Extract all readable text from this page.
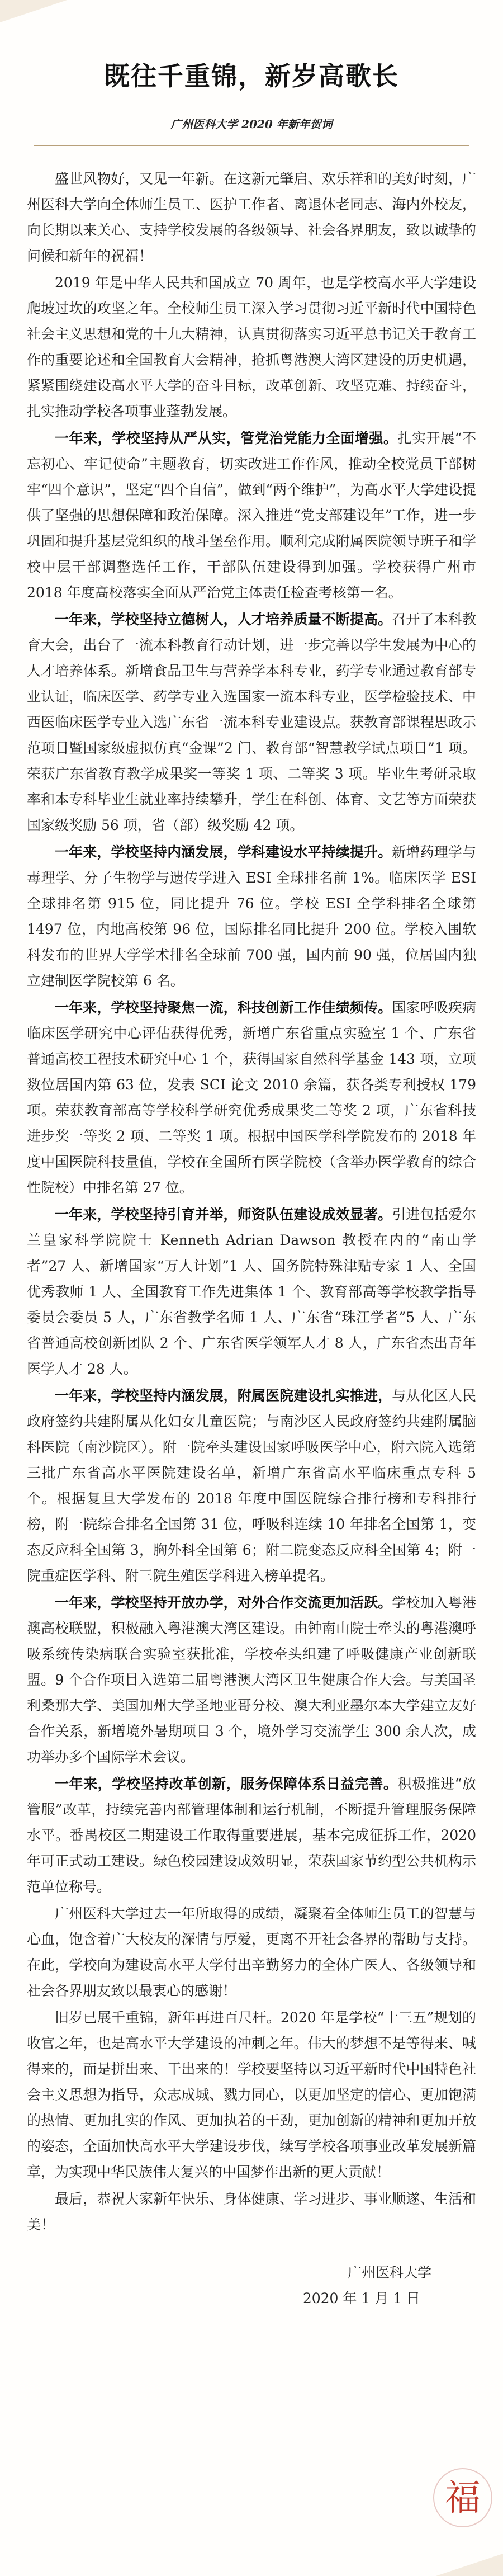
既往千重锦，新岁高歌长
广州医科大学 2020 年新年贺词

盛世风物好，又见一年新。在这新元肇启、欢乐祥和的美好时刻，广州医科大学向全体师生员工、医护工作者、离退休老同志、海内外校友，向长期以来关心、支持学校发展的各级领导、社会各界朋友，致以诚挚的问候和新年的祝福！

2019 年是中华人民共和国成立 70 周年，也是学校高水平大学建设爬坡过坎的攻坚之年。全校师生员工深入学习贯彻习近平新时代中国特色社会主义思想和党的十九大精神，认真贯彻落实习近平总书记关于教育工作的重要论述和全国教育大会精神，抢抓粤港澳大湾区建设的历史机遇，紧紧围绕建设高水平大学的奋斗目标，改革创新、攻坚克难、持续奋斗，扎实推动学校各项事业蓬勃发展。

一年来，学校坚持从严从实，管党治党能力全面增强。扎实开展“不忘初心、牢记使命”主题教育，切实改进工作作风，推动全校党员干部树牢“四个意识”，坚定“四个自信”，做到“两个维护”，为高水平大学建设提供了坚强的思想保障和政治保障。深入推进“党支部建设年”工作，进一步巩固和提升基层党组织的战斗堡垒作用。顺利完成附属医院领导班子和学校中层干部调整选任工作，干部队伍建设得到加强。学校获得广州市 2018 年度高校落实全面从严治党主体责任检查考核第一名。

一年来，学校坚持立德树人，人才培养质量不断提高。召开了本科教育大会，出台了一流本科教育行动计划，进一步完善以学生发展为中心的人才培养体系。新增食品卫生与营养学本科专业，药学专业通过教育部专业认证，临床医学、药学专业入选国家一流本科专业，医学检验技术、中西医临床医学专业入选广东省一流本科专业建设点。获教育部课程思政示范项目暨国家级虚拟仿真“金课”2 门、教育部“智慧教学试点项目”1 项。荣获广东省教育教学成果奖一等奖 1 项、二等奖 3 项。毕业生考研录取率和本专科毕业生就业率持续攀升，学生在科创、体育、文艺等方面荣获国家级奖励 56 项，省（部）级奖励 42 项。

一年来，学校坚持内涵发展，学科建设水平持续提升。新增药理学与毒理学、分子生物学与遗传学进入 ESI 全球排名前 1%。临床医学 ESI 全球排名第 915 位，同比提升 76 位。学校 ESI 全学科排名全球第 1497 位，内地高校第 96 位，国际排名同比提升 200 位。学校入围软科发布的世界大学学术排名全球前 700 强，国内前 90 强，位居国内独立建制医学院校第 6 名。

一年来，学校坚持聚焦一流，科技创新工作佳绩频传。国家呼吸疾病临床医学研究中心评估获得优秀，新增广东省重点实验室 1 个、广东省普通高校工程技术研究中心 1 个，获得国家自然科学基金 143 项，立项数位居国内第 63 位，发表 SCI 论文 2010 余篇，获各类专利授权 179 项。荣获教育部高等学校科学研究优秀成果奖二等奖 2 项，广东省科技进步奖一等奖 2 项、二等奖 1 项。根据中国医学科学院发布的 2018 年度中国医院科技量值，学校在全国所有医学院校（含举办医学教育的综合性院校）中排名第 27 位。

一年来，学校坚持引育并举，师资队伍建设成效显著。引进包括爱尔兰皇家科学院院士 Kenneth Adrian Dawson 教授在内的“南山学者”27 人、新增国家“万人计划”1 人、国务院特殊津贴专家 1 人、全国优秀教师 1 人、全国教育工作先进集体 1 个、教育部高等学校教学指导委员会委员 5 人，广东省教学名师 1 人、广东省“珠江学者”5 人、广东省普通高校创新团队 2 个、广东省医学领军人才 8 人，广东省杰出青年医学人才 28 人。

一年来，学校坚持内涵发展，附属医院建设扎实推进，与从化区人民政府签约共建附属从化妇女儿童医院；与南沙区人民政府签约共建附属脑科医院（南沙院区）。附一院牵头建设国家呼吸医学中心，附六院入选第三批广东省高水平医院建设名单，新增广东省高水平临床重点专科 5 个。根据复旦大学发布的 2018 年度中国医院综合排行榜和专科排行榜，附一院综合排名全国第 31 位，呼吸科连续 10 年排名全国第 1，变态反应科全国第 3，胸外科全国第 6；附二院变态反应科全国第 4；附一院重症医学科、附三院生殖医学科进入榜单提名。

一年来，学校坚持开放办学，对外合作交流更加活跃。学校加入粤港澳高校联盟，积极融入粤港澳大湾区建设。由钟南山院士牵头的粤港澳呼吸系统传染病联合实验室获批准，学校牵头组建了呼吸健康产业创新联盟。9 个合作项目入选第二届粤港澳大湾区卫生健康合作大会。与美国圣利桑那大学、美国加州大学圣地亚哥分校、澳大利亚墨尔本大学建立友好合作关系，新增境外暑期项目 3 个，境外学习交流学生 300 余人次，成功举办多个国际学术会议。

一年来，学校坚持改革创新，服务保障体系日益完善。积极推进“放管服”改革，持续完善内部管理体制和运行机制，不断提升管理服务保障水平。番禺校区二期建设工作取得重要进展，基本完成征拆工作，2020 年可正式动工建设。绿色校园建设成效明显，荣获国家节约型公共机构示范单位称号。

广州医科大学过去一年所取得的成绩，凝聚着全体师生员工的智慧与心血，饱含着广大校友的深情与厚爱，更离不开社会各界的帮助与支持。在此，学校向为建设高水平大学付出辛勤努力的全体广医人、各级领导和社会各界朋友致以最衷心的感谢！

旧岁已展千重锦，新年再进百尺杆。2020 年是学校“十三五”规划的收官之年，也是高水平大学建设的冲刺之年。伟大的梦想不是等得来、喊得来的，而是拼出来、干出来的！学校要坚持以习近平新时代中国特色社会主义思想为指导，众志成城、戮力同心，以更加坚定的信心、更加饱满的热情、更加扎实的作风、更加执着的干劲，更加创新的精神和更加开放的姿态，全面加快高水平大学建设步伐，续写学校各项事业改革发展新篇章，为实现中华民族伟大复兴的中国梦作出新的更大贡献！

最后，恭祝大家新年快乐、身体健康、学习进步、事业顺遂、生活和美！

广州医科大学
2020 年 1 月 1 日
福
